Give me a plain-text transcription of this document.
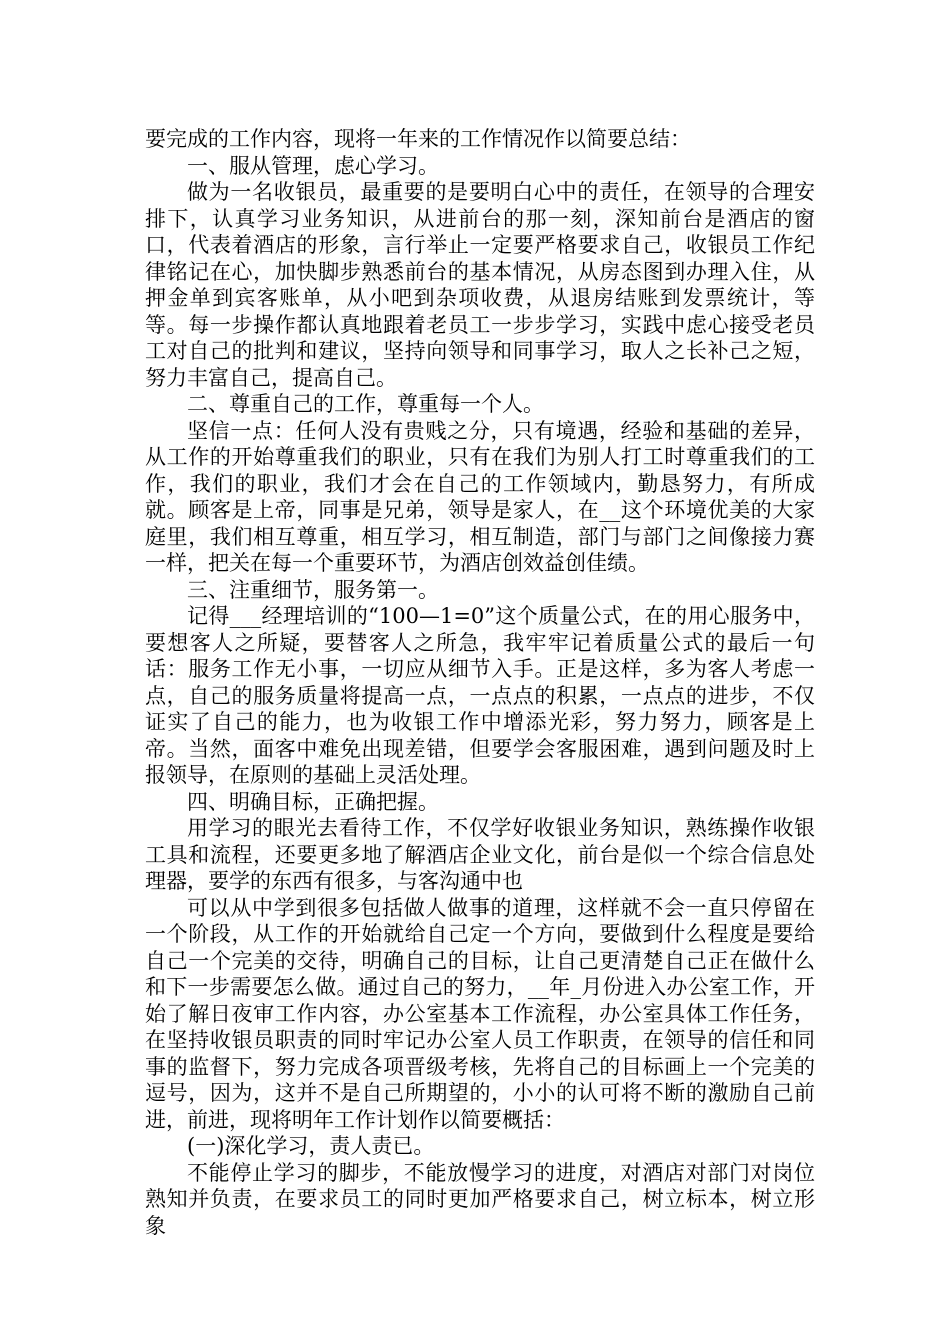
要完成的工作内容，现将一年来的工作情况作以简要总结：

一、服从管理，虑心学习。

做为一名收银员，最重要的是要明白心中的责任，在领导的合理安排下，认真学习业务知识，从进前台的那一刻，深知前台是酒店的窗口，代表着酒店的形象，言行举止一定要严格要求自己，收银员工作纪律铭记在心，加快脚步熟悉前台的基本情况，从房态图到办理入住，从押金单到宾客账单，从小吧到杂项收费，从退房结账到发票统计，等等。每一步操作都认真地跟着老员工一步步学习，实践中虑心接受老员工对自己的批判和建议，坚持向领导和同事学习，取人之长补己之短，努力丰富自己，提高自己。

二、尊重自己的工作，尊重每一个人。

坚信一点：任何人没有贵贱之分，只有境遇，经验和基础的差异，从工作的开始尊重我们的职业，只有在我们为别人打工时尊重我们的工作，我们的职业，我们才会在自己的工作领域内，勤恳努力，有所成就。顾客是上帝，同事是兄弟，领导是家人，在__这个环境优美的大家庭里，我们相互尊重，相互学习，相互制造，部门与部门之间像接力赛一样，把关在每一个重要环节，为酒店创效益创佳绩。

三、注重细节，服务第一。

记得___经理培训的“100—1=0”这个质量公式，在的用心服务中，要想客人之所疑，要替客人之所急，我牢牢记着质量公式的最后一句话：服务工作无小事，一切应从细节入手。正是这样，多为客人考虑一点，自己的服务质量将提高一点，一点点的积累，一点点的进步，不仅证实了自己的能力，也为收银工作中增添光彩，努力努力，顾客是上帝。当然，面客中难免出现差错，但要学会客服困难，遇到问题及时上报领导，在原则的基础上灵活处理。

四、明确目标，正确把握。

用学习的眼光去看待工作，不仅学好收银业务知识，熟练操作收银工具和流程，还要更多地了解酒店企业文化，前台是似一个综合信息处理器，要学的东西有很多，与客沟通中也

可以从中学到很多包括做人做事的道理，这样就不会一直只停留在一个阶段，从工作的开始就给自己定一个方向，要做到什么程度是要给自己一个完美的交待，明确自己的目标，让自己更清楚自己正在做什么和下一步需要怎么做。通过自己的努力，__年_月份进入办公室工作，开始了解日夜审工作内容，办公室基本工作流程，办公室具体工作任务，在坚持收银员职责的同时牢记办公室人员工作职责，在领导的信任和同事的监督下，努力完成各项晋级考核，先将自己的目标画上一个完美的逗号，因为，这并不是自己所期望的，小小的认可将不断的激励自己前进，前进，现将明年工作计划作以简要概括：

(一)深化学习，责人责已。

不能停止学习的脚步，不能放慢学习的进度，对酒店对部门对岗位熟知并负责，在要求员工的同时更加严格要求自己，树立标本，树立形象
